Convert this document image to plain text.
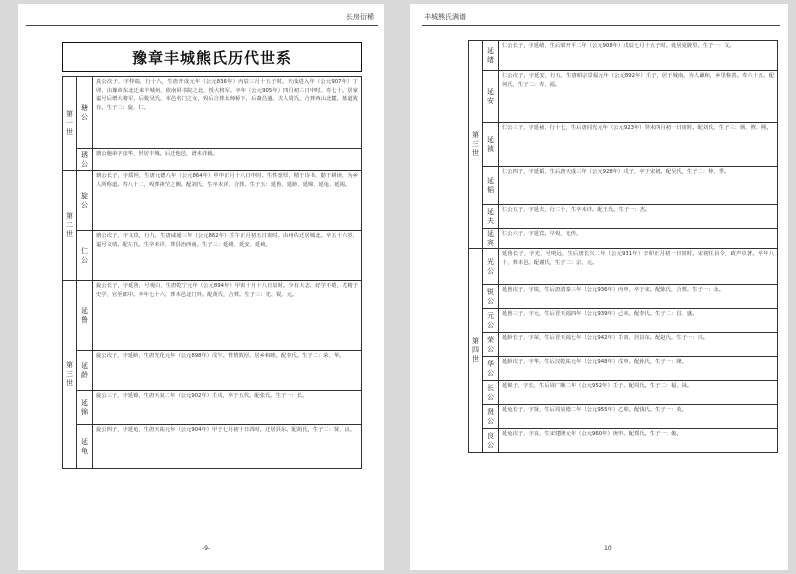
长房衍稀
豫章丰城熊氏历代世系
第一世	瑭公	真公次子，字仲端，行十八，生唐开成元年（公元836年）丙辰三月十五子时。天成进入年（公元907年）丁卯，由豫章东北迁来丰城州，依南屏书院之北，授大将军。卒年（公元905年）四月初三日申时。寿七十。居家谥号后增大将军，后妣吴氏，本邑名门之女，殁后合葬太师桥下，后裔昌盛。夫人周氏，合葬西山北麓，墓道犹存。生子二：旋、仁。

	琇公	瑭公胞弟字彦华，世居丰城。后迁他邑，谱未详载。

第二世	旋公	瑭公长子，字质坦，生唐元德八年（公元864年）甲申正月十八日申时。生性宽厚，精于诗书，勤于耕读，为乡人所称道。寿八十二，殁葬祖茔之侧。配刘氏，生卒未详，合葬。生子五：延鲁、延龄、延锦、延龟、延锡。

	仁公	瑭公次子，字文玖，行九，生唐咸通三年（公元862年）壬午正月初五日寅时。由州佐迁居城北。卒五十六岁，谥号文靖。配左氏，生卒未详，葬县治西南。生子三：延绪、延安、延祯。

第三世	延鲁	旋公长子，字延鲁，号观白，生唐乾宁元年（公元894年）甲寅十月十八日辰时。少有大志，好学不倦，尤精于史学，官至郎中。卒年七十六，葬本邑北门外。配黄氏，合葬。生子三：光、锐、元。

	延龄	旋公次子，字延龄，生唐光化元年（公元898年）戊午。性情敦厚，居乡和睦。配李氏。生子二：荣、华。

	延锦	旋公三子，字延锦，生唐天复二年（公元902年）壬戌，卒于五代。配张氏。生子一：长。

	延龟	旋公四子，字延龟，生唐天祐元年（公元904年）甲子七月初十日酉时。迁居县东。配胡氏，生子二：贤、良。
-9-
丰城熊氏满谱
第三世	延绪	仁公长子，字延绪，生后梁开平二年（公元908年）戊辰七月十五子时。徙居夏陂里。生子一：文。

	延安	仁公次子，字延安，行五，生唐昭宗景福元年（公元892年）壬子，居于城南。为人谦和，乡里称善。寿六十五。配何氏，生子二：寿、福。

	延祯	仁公三子，字延祯，行十七，生后唐同光元年（公元923年）癸未四月初一日寅时。配刘氏，生子三：炳、煦、熙。

	延韬	仁公四子，字延韬，生后唐天成三年（公元928年）戊子，卒于宋初。配吴氏，生子二：仲、季。

	延夫	仁公五子，字延夫，行二十，生卒未详。配王氏。生子一：杰。

	延宾	仁公六子，字延宾。早殁，无传。

第四世	光公	延鲁长子，字光，号明远，生后唐长兴二年（公元931年）辛卯正月初一日寅时。宋初任县令，政声卓著。卒年八十，葬本邑。配谢氏，生子二：宗、元。

	锐公	延鲁次子，字锐，生后唐清泰三年（公元936年）丙申，卒于宋。配陈氏，合葬。生子一：永。

	元公	延鲁三子，字元，生后晋天福四年（公元939年）己亥。配李氏。生子二：昌、盛。

	荣公	延龄长子，字荣，生后晋天福七年（公元942年）壬寅，居县东。配赵氏。生子一：兴。

	华公	延龄次子，字华，生后汉乾祐元年（公元948年）戊申。配孙氏，生子一：隆。

	长公	延锦子，字长，生后周广顺二年（公元952年）壬子。配周氏。生子二：福、禄。

	贤公	延龟长子，字贤，生后周显德二年（公元955年）乙卯。配钱氏。生子一：英。

	良公	延龟次子，字良，生宋建隆元年（公元960年）庚申。配郑氏。生子一：俊。
10
